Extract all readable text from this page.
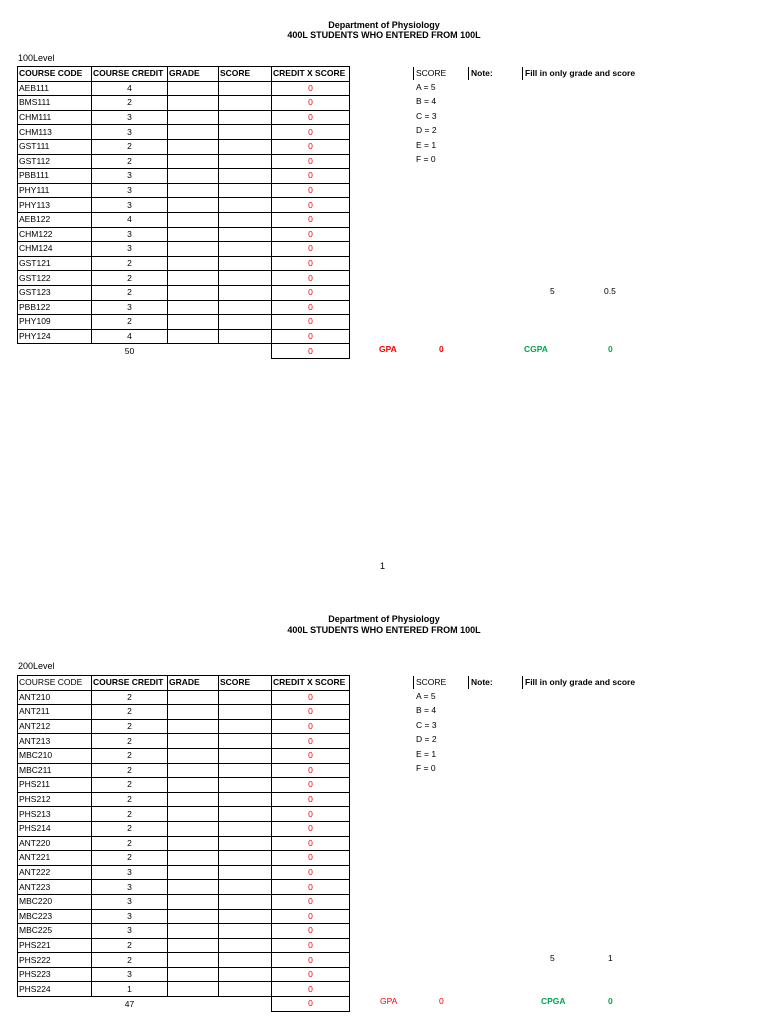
Department of Physiology
400L STUDENTS WHO ENTERED FROM 100L
100Level
COURSE CODE	COURSE CREDIT	GRADE	SCORE	CREDIT X SCORE
AEB111	4			0
BMS111	2			0
CHM111	3			0
CHM113	3			0
GST111	2			0
GST112	2			0
PBB111	3			0
PHY111	3			0
PHY113	3			0
AEB122	4			0
CHM122	3			0
CHM124	3			0
GST121	2			0
GST122	2			0
GST123	2			0
PBB122	3			0
PHY109	2			0
PHY124	4			0
	50			0
SCORE
A = 5
B = 4
C = 3
D = 2
E = 1
F = 0
Note:	Fill in only grade and score
5	0.5
GPA	0	CGPA	0
1
Department of Physiology
400L STUDENTS WHO ENTERED FROM 100L
200Level
COURSE CODE	COURSE CREDIT	GRADE	SCORE	CREDIT X SCORE
ANT210	2			0
ANT211	2			0
ANT212	2			0
ANT213	2			0
MBC210	2			0
MBC211	2			0
PHS211	2			0
PHS212	2			0
PHS213	2			0
PHS214	2			0
ANT220	2			0
ANT221	2			0
ANT222	3			0
ANT223	3			0
MBC220	3			0
MBC223	3			0
MBC225	3			0
PHS221	2			0
PHS222	2			0
PHS223	3			0
PHS224	1			0
	47			0
SCORE
A = 5
B = 4
C = 3
D = 2
E = 1
F = 0
Note:	Fill in only grade and score
5	1
GPA	0	CPGA	0
